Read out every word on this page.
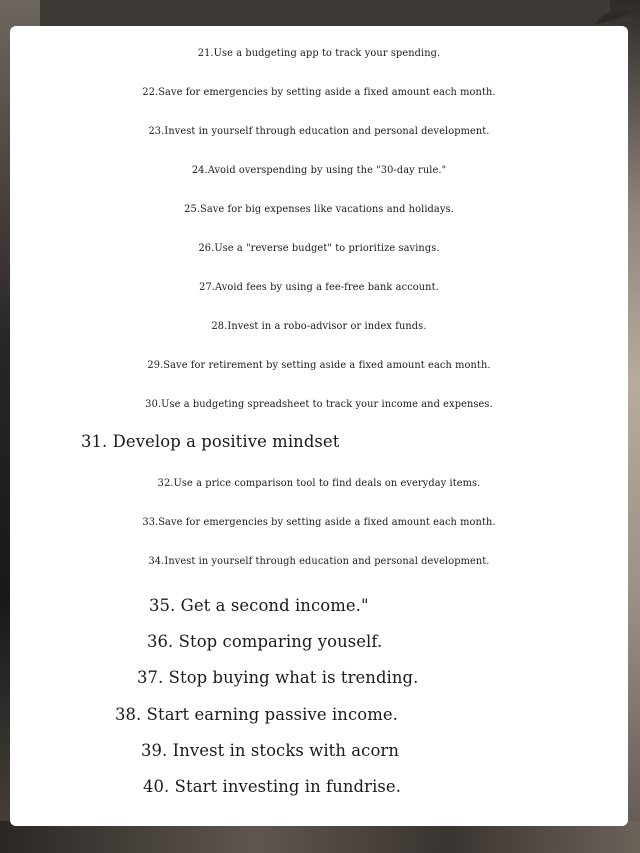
21.Use a budgeting app to track your spending.
22.Save for emergencies by setting aside a fixed amount each month.
23.Invest in yourself through education and personal development.
24.Avoid overspending by using the "30-day rule."
25.Save for big expenses like vacations and holidays.
26.Use a "reverse budget" to prioritize savings.
27.Avoid fees by using a fee-free bank account.
28.Invest in a robo-advisor or index funds.
29.Save for retirement by setting aside a fixed amount each month.
30.Use a budgeting spreadsheet to track your income and expenses.
31. Develop a positive mindset
32.Use a price comparison tool to find deals on everyday items.
33.Save for emergencies by setting aside a fixed amount each month.
34.Invest in yourself through education and personal development.
35. Get a second income."
36. Stop comparing youself.
37. Stop buying what is trending.
38. Start earning passive income.
39. Invest in stocks with acorn
40. Start investing in fundrise.
